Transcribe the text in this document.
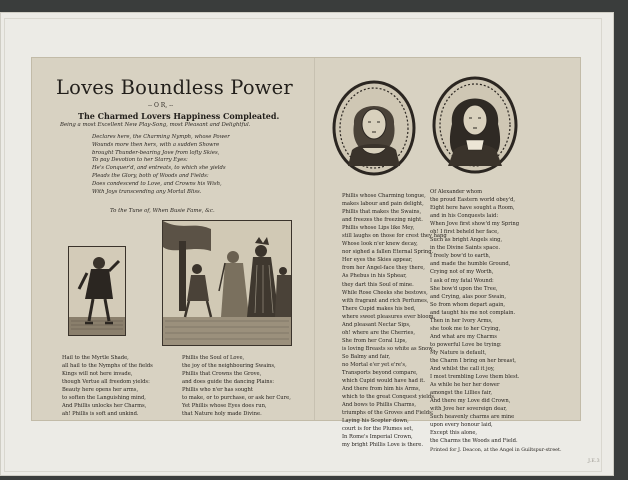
Loves Boundless Power
-- O R, --
The Charmed Lovers Happiness Compleated.
Being a most Excellent New Play-Song, most Pleasant and Delightful.
Declares here, the Charming Nymph, whose Power
Wounds more then hers, with a sudden Showre
brought Thunder-bearing Jove from lofty Skies,
To pay Devotion to her Starry Eyes:
He's Conquer'd, and entreats, to which she yields
Pleads the Glory, both of Woods and Fields:
Does condescend to Love, and Crowns his Wish,
With Joys transcending any Mortal Bliss.
To the Tune of, When Busie Fame, &c.
Hail to the Myrtle Shade,
all hail to the Nymphs of the fields
Kings will not here invade,
though Vertue all freedom yields:
Beauty here opens her arms,
to soften the Languishing mind,
And Phillis unlocks her Charms,
ah! Phillis is soft and unkind.
Phillis the Soul of Love,
the joy of the neighbouring Swains,
Phillis that Crowns the Grove,
and does guide the dancing Plains:
Phillis who n'er has sought
to make, or to purchase, or ask her Cure,
Yet Phillis whose Eyes does run,
that Nature holy made Divine.
Phillis whose Charming tongue,
makes labour and pain delight,
Phillis that makes the Swains,
and freezes the freezing night.
Phillis whose Lips like Mey,
still laughs on those for crest they hang
Whose look n'er knew decay,
nor sighed a fallen Eternal Spring.
Her eyes the Skies appear,
from her Angel-face they there,
As Phebus in his Sphear,
they dart this Soul of mine.
While Rose Cheeks she bestows,
with fragrant and rich Perfumes,
There Cupid makes his bed,
where sweet pleasures ever bloom.
And pleasant Nectar Sips,
oh! where are the Cherries,
She from her Coral Lips,
is loving Breasts so white as Snow,
So Balmy and fair,
no Mortal e'er yet e're's,
Transports beyond compare,
which Cupid would have had it.
And there from him his Arms,
which to the great Conquest yields,
And bows to Phillis Charms,
triumphs of the Groves and Fields:
Laying his Scepter down,
court is for the Plumes set,
In Rome's Imperial Crown,
my bright Phillis Love is there.
Of Alexander whom
the proud Eastern world obey'd,
Eight here have sought a Room,
and in his Conquests laid:
When Jove first show'd my Spring
oh! I first beheld her face,
Such as bright Angels sing,
in the Divine Saints space.
I freely bow'd to earth,
and made the humble Ground,
Crying not of my Worth,
I ask of my fatal Wound:
She bow'd upon the Tree,
and Crying, alas poor Swain,
So from whom depart again,
and taught his me not complain.
Then in her Ivory Arms,
she took me to her Crying,
And what are my Charms
to powerful Love be trying:
My Nature is default,
the Charm I bring on her breast,
And whilst the call it joy,
I most trembling Love them blest.
As while he her her dower
amongst the Lillies fair,
And there my Love did Crown,
with Jove her sovereign dear,
Such heavenly charms are mine
upon every honour laid,
Except this alone,
the Charms the Woods and Field.
Printed for J. Deacon, at the Angel in Guiltspur-street.
J.E.3
